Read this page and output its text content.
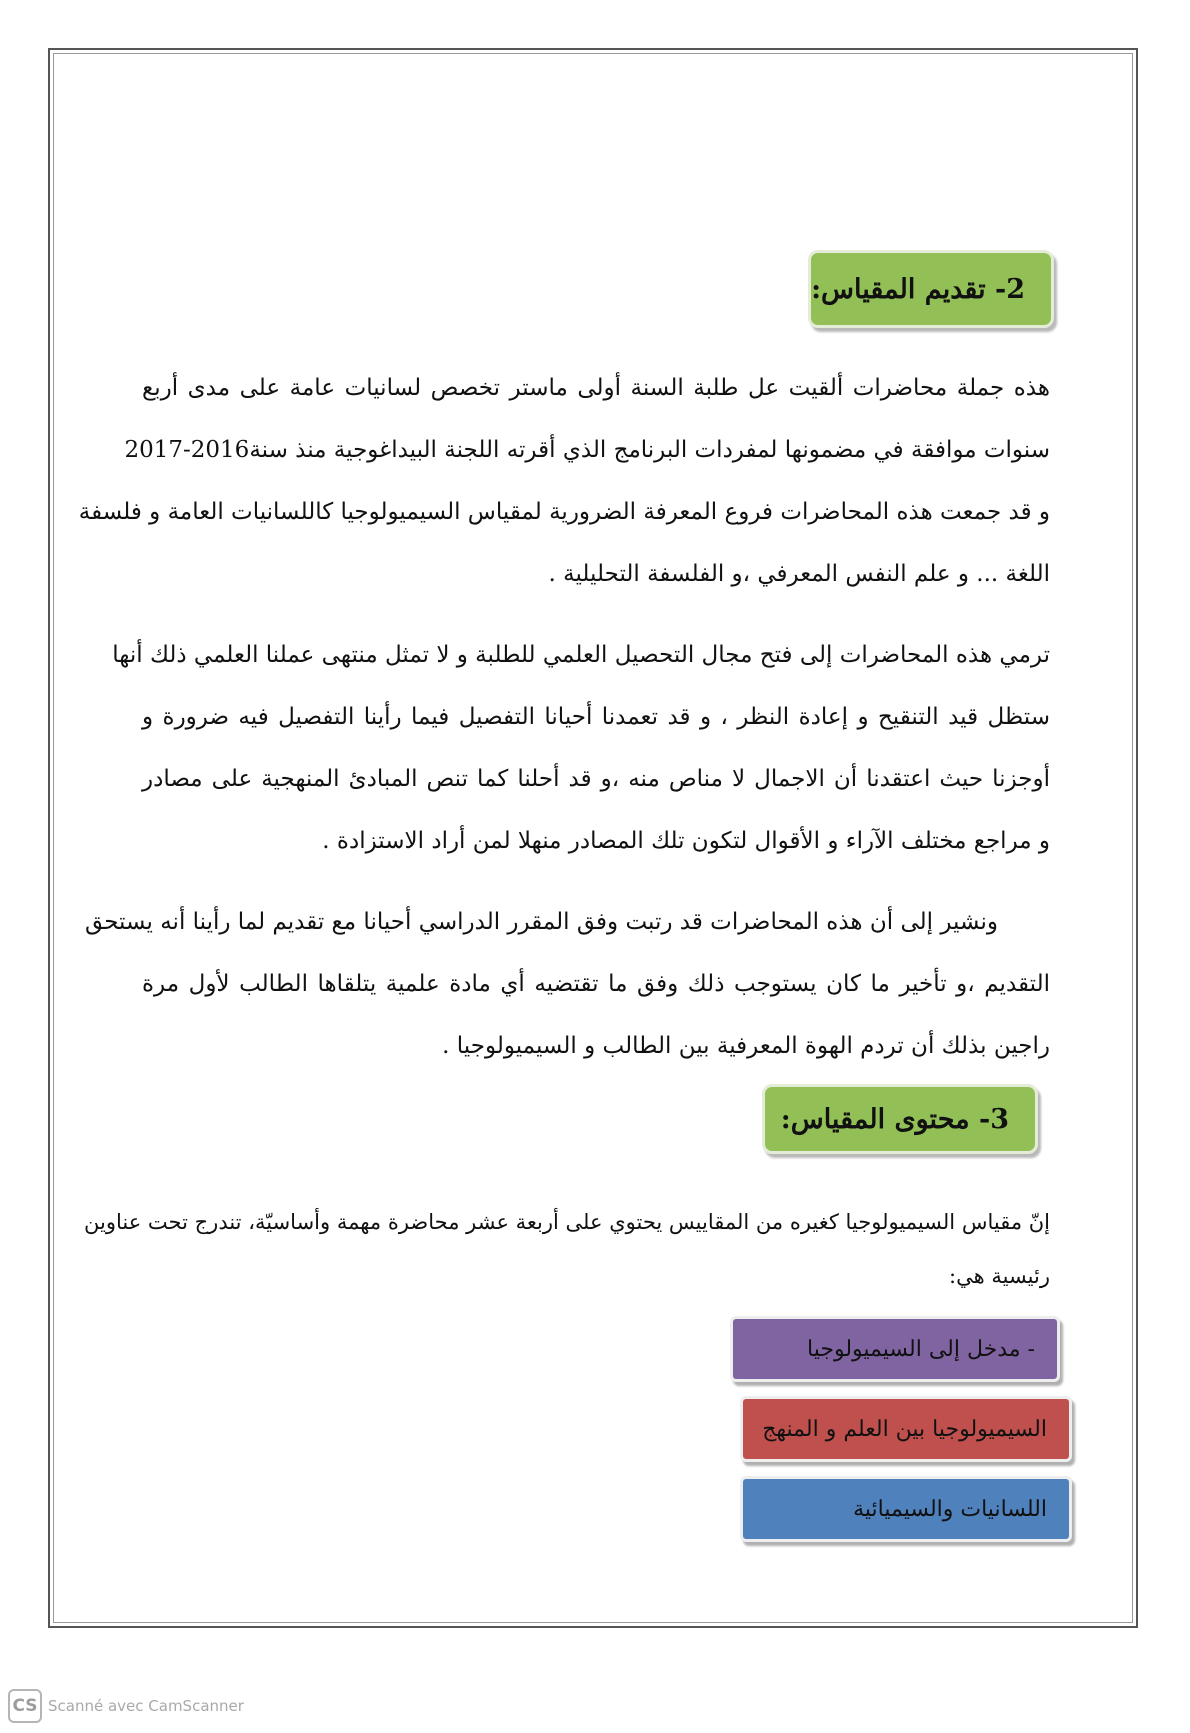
2- تقديم المقياس:
هذه جملة محاضرات ألقيت عل طلبة السنة أولى ماستر تخصص لسانيات عامة على مدى أربع
سنوات موافقة في مضمونها لمفردات البرنامج الذي أقرته اللجنة البيداغوجية منذ سنة2016-2017
و قد جمعت هذه المحاضرات فروع المعرفة الضرورية لمقياس السيميولوجيا كاللسانيات العامة و فلسفة
اللغة ... و علم النفس المعرفي ،و الفلسفة التحليلية .
ترمي هذه المحاضرات إلى فتح مجال التحصيل العلمي للطلبة و لا تمثل منتهى عملنا العلمي ذلك أنها
ستظل قيد التنقيح و إعادة النظر ، و قد تعمدنا أحيانا التفصيل فيما رأينا التفصيل فيه ضرورة و
أوجزنا حيث اعتقدنا أن الاجمال لا مناص منه ،و قد أحلنا كما تنص المبادئ المنهجية على مصادر
و مراجع مختلف الآراء و الأقوال لتكون تلك المصادر منهلا لمن أراد الاستزادة .
ونشير إلى أن هذه المحاضرات قد رتبت وفق المقرر الدراسي أحيانا مع تقديم لما رأينا أنه يستحق
التقديم ،و تأخير ما كان يستوجب ذلك وفق ما تقتضيه أي مادة علمية يتلقاها الطالب لأول مرة
راجين بذلك أن تردم الهوة المعرفية بين الطالب و السيميولوجيا .
3- محتوى المقياس:
إنّ مقياس السيميولوجيا كغيره من المقاييس يحتوي على أربعة عشر محاضرة مهمة وأساسيّة، تندرج تحت عناوين
رئيسية هي:
- مدخل إلى السيميولوجيا
السيميولوجيا بين العلم و المنهج
اللسانيات والسيميائية
CS Scanné avec CamScanner
